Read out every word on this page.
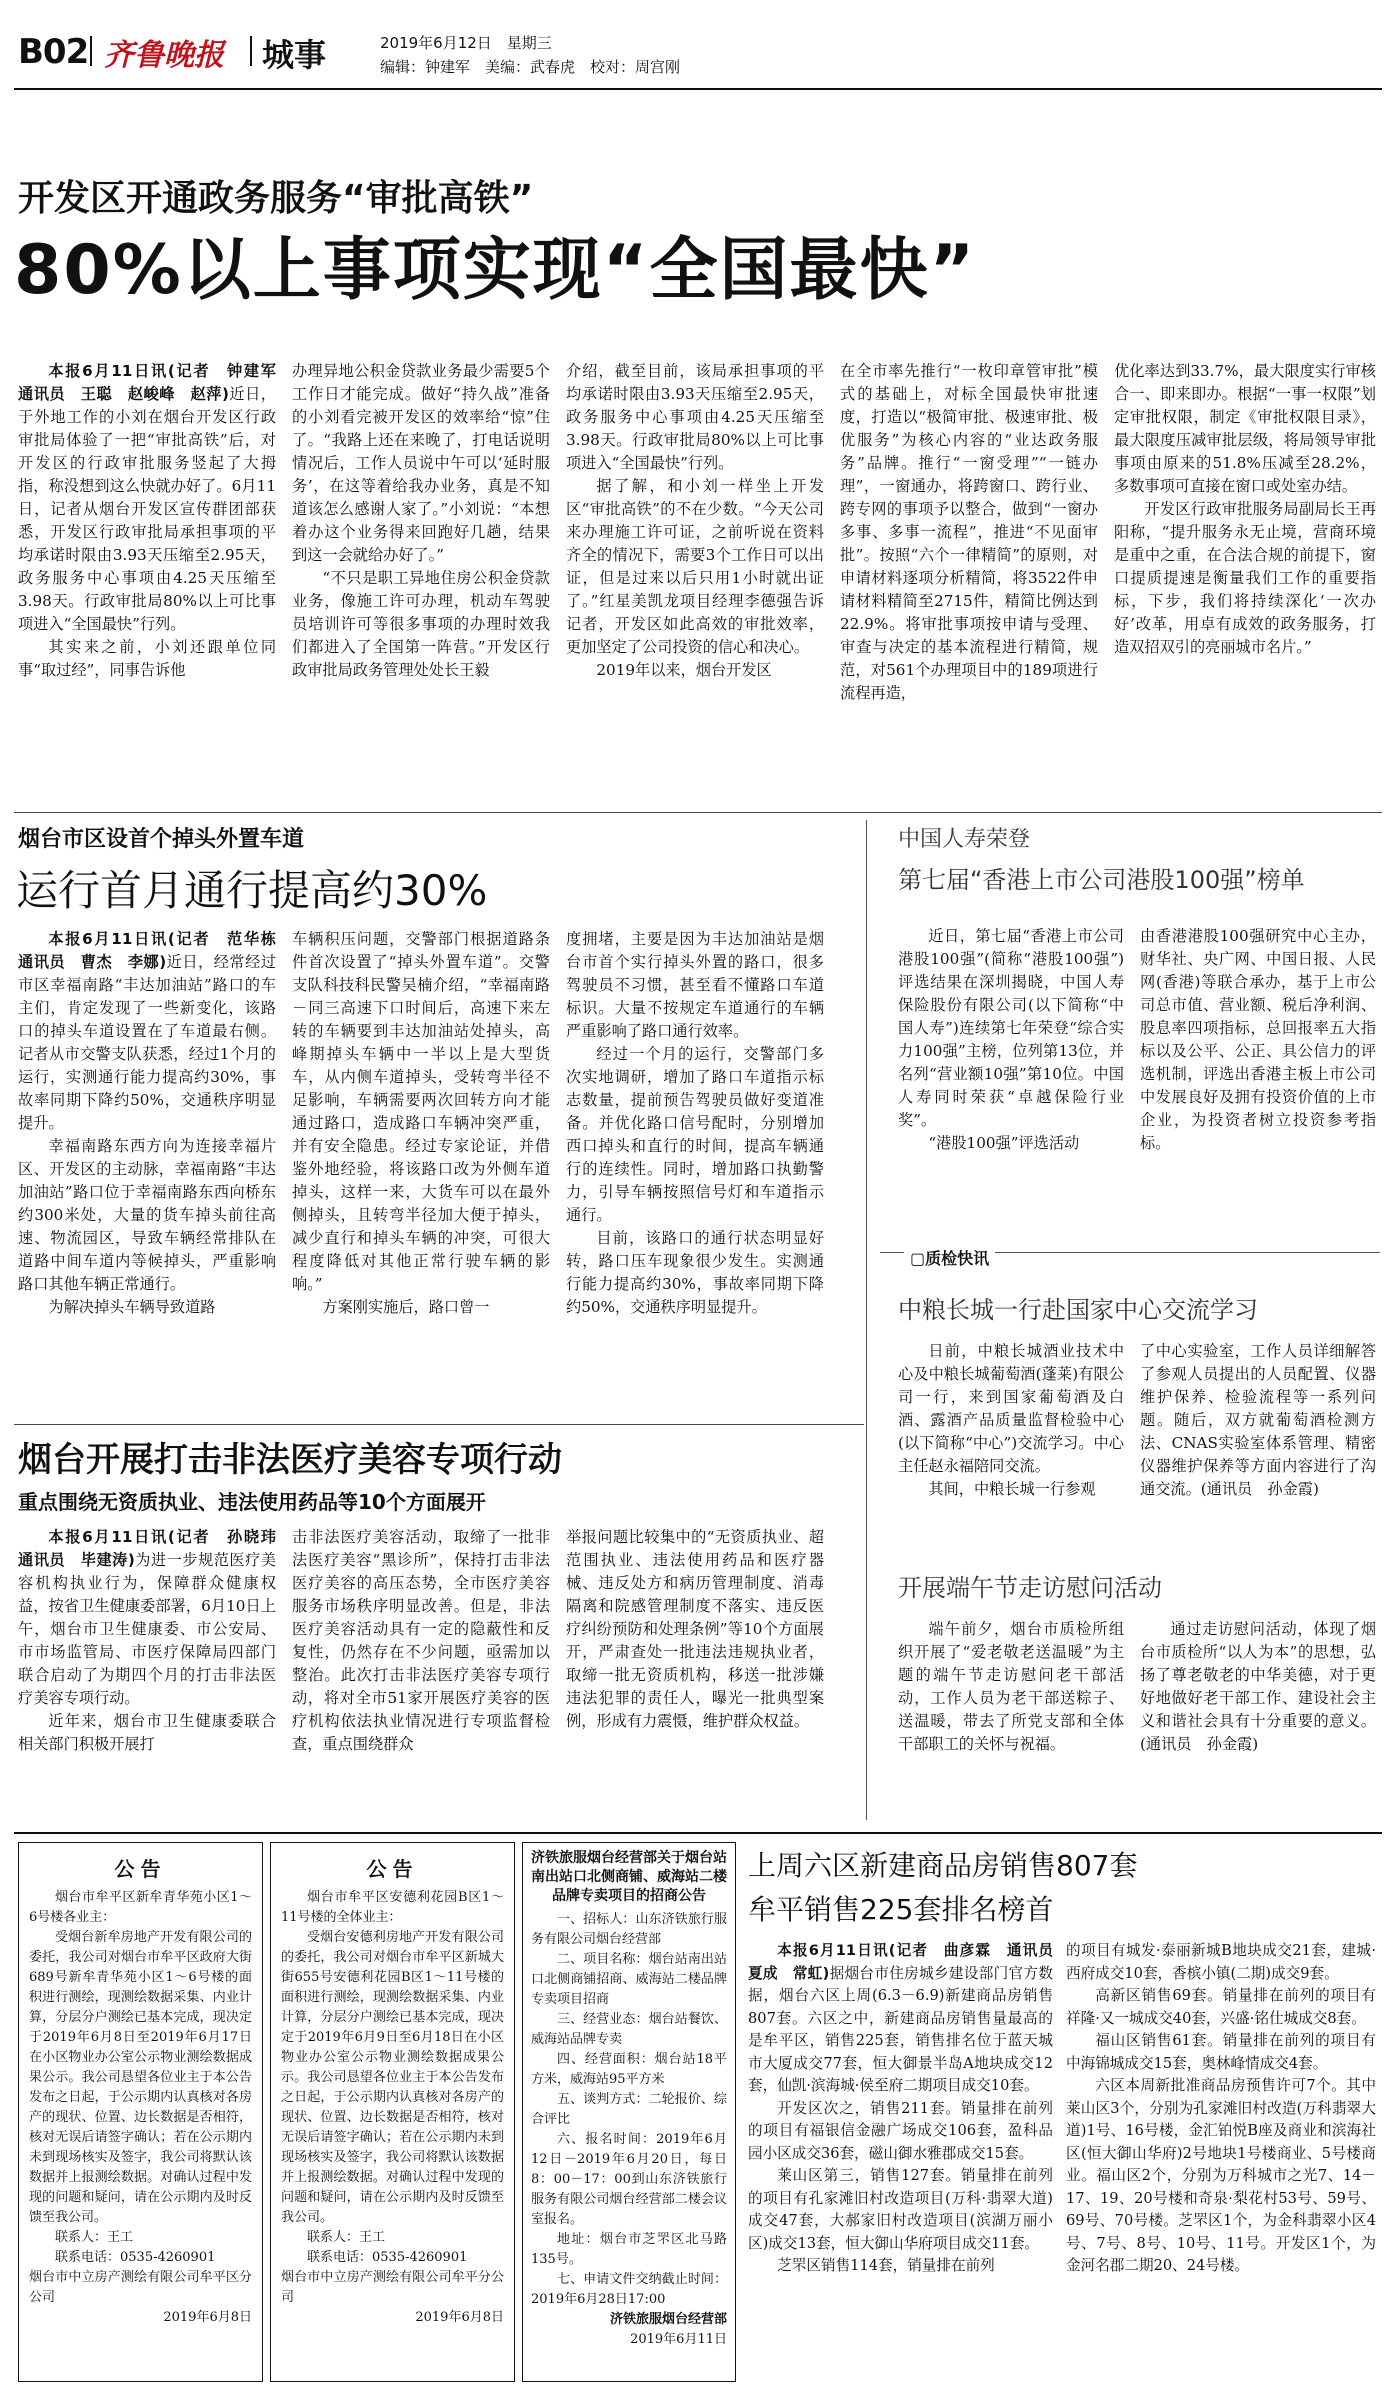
B02 齐鲁晚报 城事	2019年6月12日　星期三
编辑：钟建军　美编：武春虎　校对：周宫刚
开发区开通政务服务“审批高铁”
80%以上事项实现“全国最快”

本报6月11日讯(记者　钟建军　通讯员　王聪　赵峻峰　赵萍)近日，于外地工作的小刘在烟台开发区行政审批局体验了一把“审批高铁”后，对开发区的行政审批服务竖起了大拇指，称没想到这么快就办好了。6月11日，记者从烟台开发区宣传群团部获悉，开发区行政审批局承担事项的平均承诺时限由3.93天压缩至2.95天，政务服务中心事项由4.25天压缩至3.98天。行政审批局80%以上可比事项进入“全国最快”行列。

其实来之前，小刘还跟单位同事“取过经”，同事告诉他

办理异地公积金贷款业务最少需要5个工作日才能完成。做好“持久战”准备的小刘看完被开发区的效率给“惊”住了。“我路上还在来晚了，打电话说明情况后，工作人员说中午可以‘延时服务’，在这等着给我办业务，真是不知道该怎么感谢人家了。”小刘说：“本想着办这个业务得来回跑好几趟，结果到这一会就给办好了。”

“不只是职工异地住房公积金贷款业务，像施工许可办理，机动车驾驶员培训许可等很多事项的办理时效我们都进入了全国第一阵营。”开发区行政审批局政务管理处处长王毅

介绍，截至目前，该局承担事项的平均承诺时限由3.93天压缩至2.95天，政务服务中心事项由4.25天压缩至3.98天。行政审批局80%以上可比事项进入“全国最快”行列。

据了解，和小刘一样坐上开发区“审批高铁”的不在少数。“今天公司来办理施工许可证，之前听说在资料齐全的情况下，需要3个工作日可以出证，但是过来以后只用1小时就出证了。”红星美凯龙项目经理李德强告诉记者，开发区如此高效的审批效率，更加坚定了公司投资的信心和决心。

2019年以来，烟台开发区

在全市率先推行“一枚印章管审批”模式的基础上，对标全国最快审批速度，打造以“极简审批、极速审批、极优服务”为核心内容的“业达政务服务”品牌。推行“一窗受理”“一链办理”，一窗通办，将跨窗口、跨行业、跨专网的事项予以整合，做到“一窗办多事、多事一流程”，推进“不见面审批”。按照“六个一律精简”的原则，对申请材料逐项分析精简，将3522件申请材料精简至2715件，精简比例达到22.9%。将审批事项按申请与受理、审查与决定的基本流程进行精简，规范，对561个办理项目中的189项进行流程再造，

优化率达到33.7%，最大限度实行审核合一、即来即办。根据“一事一权限”划定审批权限，制定《审批权限目录》，最大限度压减审批层级，将局领导审批事项由原来的51.8%压减至28.2%，多数事项可直接在窗口或处室办结。

开发区行政审批服务局副局长王再阳称，“提升服务永无止境，营商环境是重中之重，在合法合规的前提下，窗口提质提速是衡量我们工作的重要指标，下步，我们将持续深化‘一次办好’改革，用卓有成效的政务服务，打造双招双引的亮丽城市名片。”

烟台市区设首个掉头外置车道
运行首月通行提高约30%

本报6月11日讯(记者　范华栋　通讯员　曹杰　李娜)近日，经常经过市区幸福南路“丰达加油站”路口的车主们，肯定发现了一些新变化，该路口的掉头车道设置在了车道最右侧。记者从市交警支队获悉，经过1个月的运行，实测通行能力提高约30%，事故率同期下降约50%，交通秩序明显提升。

幸福南路东西方向为连接幸福片区、开发区的主动脉，幸福南路“丰达加油站”路口位于幸福南路东西向桥东约300米处，大量的货车掉头前往高速、物流园区，导致车辆经常排队在道路中间车道内等候掉头，严重影响路口其他车辆正常通行。

为解决掉头车辆导致道路

车辆积压问题，交警部门根据道路条件首次设置了“掉头外置车道”。交警支队科技科民警吴楠介绍，“幸福南路－同三高速下口时间后，高速下来左转的车辆要到丰达加油站处掉头，高峰期掉头车辆中一半以上是大型货车，从内侧车道掉头，受转弯半径不足影响，车辆需要两次回转方向才能通过路口，造成路口车辆冲突严重，并有安全隐患。经过专家论证，并借鉴外地经验，将该路口改为外侧车道掉头，这样一来，大货车可以在最外侧掉头，且转弯半径加大便于掉头，减少直行和掉头车辆的冲突，可很大程度降低对其他正常行驶车辆的影响。”

方案刚实施后，路口曾一

度拥堵，主要是因为丰达加油站是烟台市首个实行掉头外置的路口，很多驾驶员不习惯，甚至看不懂路口车道标识。大量不按规定车道通行的车辆严重影响了路口通行效率。

经过一个月的运行，交警部门多次实地调研，增加了路口车道指示标志数量，提前预告驾驶员做好变道准备。并优化路口信号配时，分别增加西口掉头和直行的时间，提高车辆通行的连续性。同时，增加路口执勤警力，引导车辆按照信号灯和车道指示通行。

目前，该路口的通行状态明显好转，路口压车现象很少发生。实测通行能力提高约30%，事故率同期下降约50%，交通秩序明显提升。

中国人寿荣登
第七届“香港上市公司港股100强”榜单

近日，第七届“香港上市公司港股100强”(简称“港股100强”)评选结果在深圳揭晓，中国人寿保险股份有限公司(以下简称“中国人寿”)连续第七年荣登“综合实力100强”主榜，位列第13位，并名列“营业额10强”第10位。中国人寿同时荣获“卓越保险行业奖”。

“港股100强”评选活动

由香港港股100强研究中心主办，财华社、央广网、中国日报、人民网(香港)等联合承办，基于上市公司总市值、营业额、税后净利润、股息率四项指标，总回报率五大指标以及公平、公正、具公信力的评选机制，评选出香港主板上市公司中发展良好及拥有投资价值的上市企业，为投资者树立投资参考指标。

▢质检快讯
中粮长城一行赴国家中心交流学习

日前，中粮长城酒业技术中心及中粮长城葡萄酒(蓬莱)有限公司一行，来到国家葡萄酒及白酒、露酒产品质量监督检验中心(以下简称“中心”)交流学习。中心主任赵永福陪同交流。

其间，中粮长城一行参观

了中心实验室，工作人员详细解答了参观人员提出的人员配置、仪器维护保养、检验流程等一系列问题。随后，双方就葡萄酒检测方法、CNAS实验室体系管理、精密仪器维护保养等方面内容进行了沟通交流。(通讯员　孙金霞)

开展端午节走访慰问活动

端午前夕，烟台市质检所组织开展了“爱老敬老送温暖”为主题的端午节走访慰问老干部活动，工作人员为老干部送粽子、送温暖，带去了所党支部和全体干部职工的关怀与祝福。

通过走访慰问活动，体现了烟台市质检所“以人为本”的思想，弘扬了尊老敬老的中华美德，对于更好地做好老干部工作、建设社会主义和谐社会具有十分重要的意义。(通讯员　孙金霞)

烟台开展打击非法医疗美容专项行动
重点围绕无资质执业、违法使用药品等10个方面展开

本报6月11日讯(记者　孙晓玮　通讯员　毕建涛)为进一步规范医疗美容机构执业行为，保障群众健康权益，按省卫生健康委部署，6月10日上午，烟台市卫生健康委、市公安局、市市场监管局、市医疗保障局四部门联合启动了为期四个月的打击非法医疗美容专项行动。

近年来，烟台市卫生健康委联合相关部门积极开展打

击非法医疗美容活动，取缔了一批非法医疗美容“黑诊所”，保持打击非法医疗美容的高压态势，全市医疗美容服务市场秩序明显改善。但是，非法医疗美容活动具有一定的隐蔽性和反复性，仍然存在不少问题，亟需加以整治。此次打击非法医疗美容专项行动，将对全市51家开展医疗美容的医疗机构依法执业情况进行专项监督检查，重点围绕群众

举报问题比较集中的“无资质执业、超范围执业、违法使用药品和医疗器械、违反处方和病历管理制度、消毒隔离和院感管理制度不落实、违反医疗纠纷预防和处理条例”等10个方面展开，严肃查处一批违法违规执业者，取缔一批无资质机构，移送一批涉嫌违法犯罪的责任人，曝光一批典型案例，形成有力震慑，维护群众权益。

公告

烟台市牟平区新牟青华苑小区1～6号楼各业主：

受烟台新牟房地产开发有限公司的委托，我公司对烟台市牟平区政府大街689号新牟青华苑小区1～6号楼的面积进行测绘，现测绘数据采集、内业计算，分层分户测绘已基本完成，现决定于2019年6月8日至2019年6月17日在小区物业办公室公示物业测绘数据成果公示。我公司恳望各位业主于本公告发布之日起，于公示期内认真核对各房产的现状、位置、边长数据是否相符，核对无误后请签字确认；若在公示期内未到现场核实及签字，我公司将默认该数据并上报测绘数据。对确认过程中发现的问题和疑问，请在公示期内及时反馈至我公司。

联系人：王工

联系电话：0535-4260901

烟台市中立房产测绘有限公司牟平区分公司

2019年6月8日

公告

烟台市牟平区安德利花园B区1～11号楼的全体业主：

受烟台安德利房地产开发有限公司的委托，我公司对烟台市牟平区新城大街655号安德利花园B区1～11号楼的面积进行测绘，现测绘数据采集、内业计算，分层分户测绘已基本完成，现决定于2019年6月9日至6月18日在小区物业办公室公示物业测绘数据成果公示。我公司恳望各位业主于本公告发布之日起，于公示期内认真核对各房产的现状、位置、边长数据是否相符，核对无误后请签字确认；若在公示期内未到现场核实及签字，我公司将默认该数据并上报测绘数据。对确认过程中发现的问题和疑问，请在公示期内及时反馈至我公司。

联系人：王工

联系电话：0535-4260901

烟台市中立房产测绘有限公司牟平分公司

2019年6月8日

济铁旅服烟台经营部关于烟台站南出站口北侧商铺、威海站二楼品牌专卖项目的招商公告

一、招标人：山东济铁旅行服务有限公司烟台经营部

二、项目名称：烟台站南出站口北侧商铺招商、威海站二楼品牌专卖项目招商

三、经营业态：烟台站餐饮、威海站品牌专卖

四、经营面积：烟台站18平方米，威海站95平方米

五、谈判方式：二轮报价、综合评比

六、报名时间：2019年6月12日－2019年6月20日，每日8：00－17：00到山东济铁旅行服务有限公司烟台经营部二楼会议室报名。

地址：烟台市芝罘区北马路135号。

七、申请文件交纳截止时间：2019年6月28日17:00

济铁旅服烟台经营部
2019年6月11日
上周六区新建商品房销售807套
牟平销售225套排名榜首

本报6月11日讯(记者　曲彦霖　通讯员　夏成　常虹)据烟台市住房城乡建设部门官方数据，烟台六区上周(6.3－6.9)新建商品房销售807套。六区之中，新建商品房销售量最高的是牟平区，销售225套，销售排名位于蓝天城市大厦成交77套，恒大御景半岛A地块成交12套，仙凯·滨海城·侯至府二期项目成交10套。

开发区次之，销售211套。销量排在前列的项目有福银信金融广场成交106套，盈科品园小区成交36套，磁山御水雅郡成交15套。

莱山区第三，销售127套。销量排在前列的项目有孔家滩旧村改造项目(万科·翡翠大道)成交47套，大郝家旧村改造项目(滨湖万丽小区)成交13套，恒大御山华府项目成交11套。

芝罘区销售114套，销量排在前列

的项目有城发·泰丽新城B地块成交21套，建城·西府成交10套，香槟小镇(二期)成交9套。

高新区销售69套。销量排在前列的项目有祥隆·又一城成交40套，兴盛·铭仕城成交8套。

福山区销售61套。销量排在前列的项目有中海锦城成交15套，奥林峰情成交4套。

六区本周新批准商品房预售许可7个。其中莱山区3个，分别为孔家滩旧村改造(万科翡翠大道)1号、16号楼，金汇铂悦B座及商业和滨海社区(恒大御山华府)2号地块1号楼商业、5号楼商业。福山区2个，分别为万科城市之光7、14－17、19、20号楼和奇泉·梨花村53号、59号、69号、70号楼。芝罘区1个，为金科翡翠小区4号、7号、8号、10号、11号。开发区1个，为金河名郡二期20、24号楼。
